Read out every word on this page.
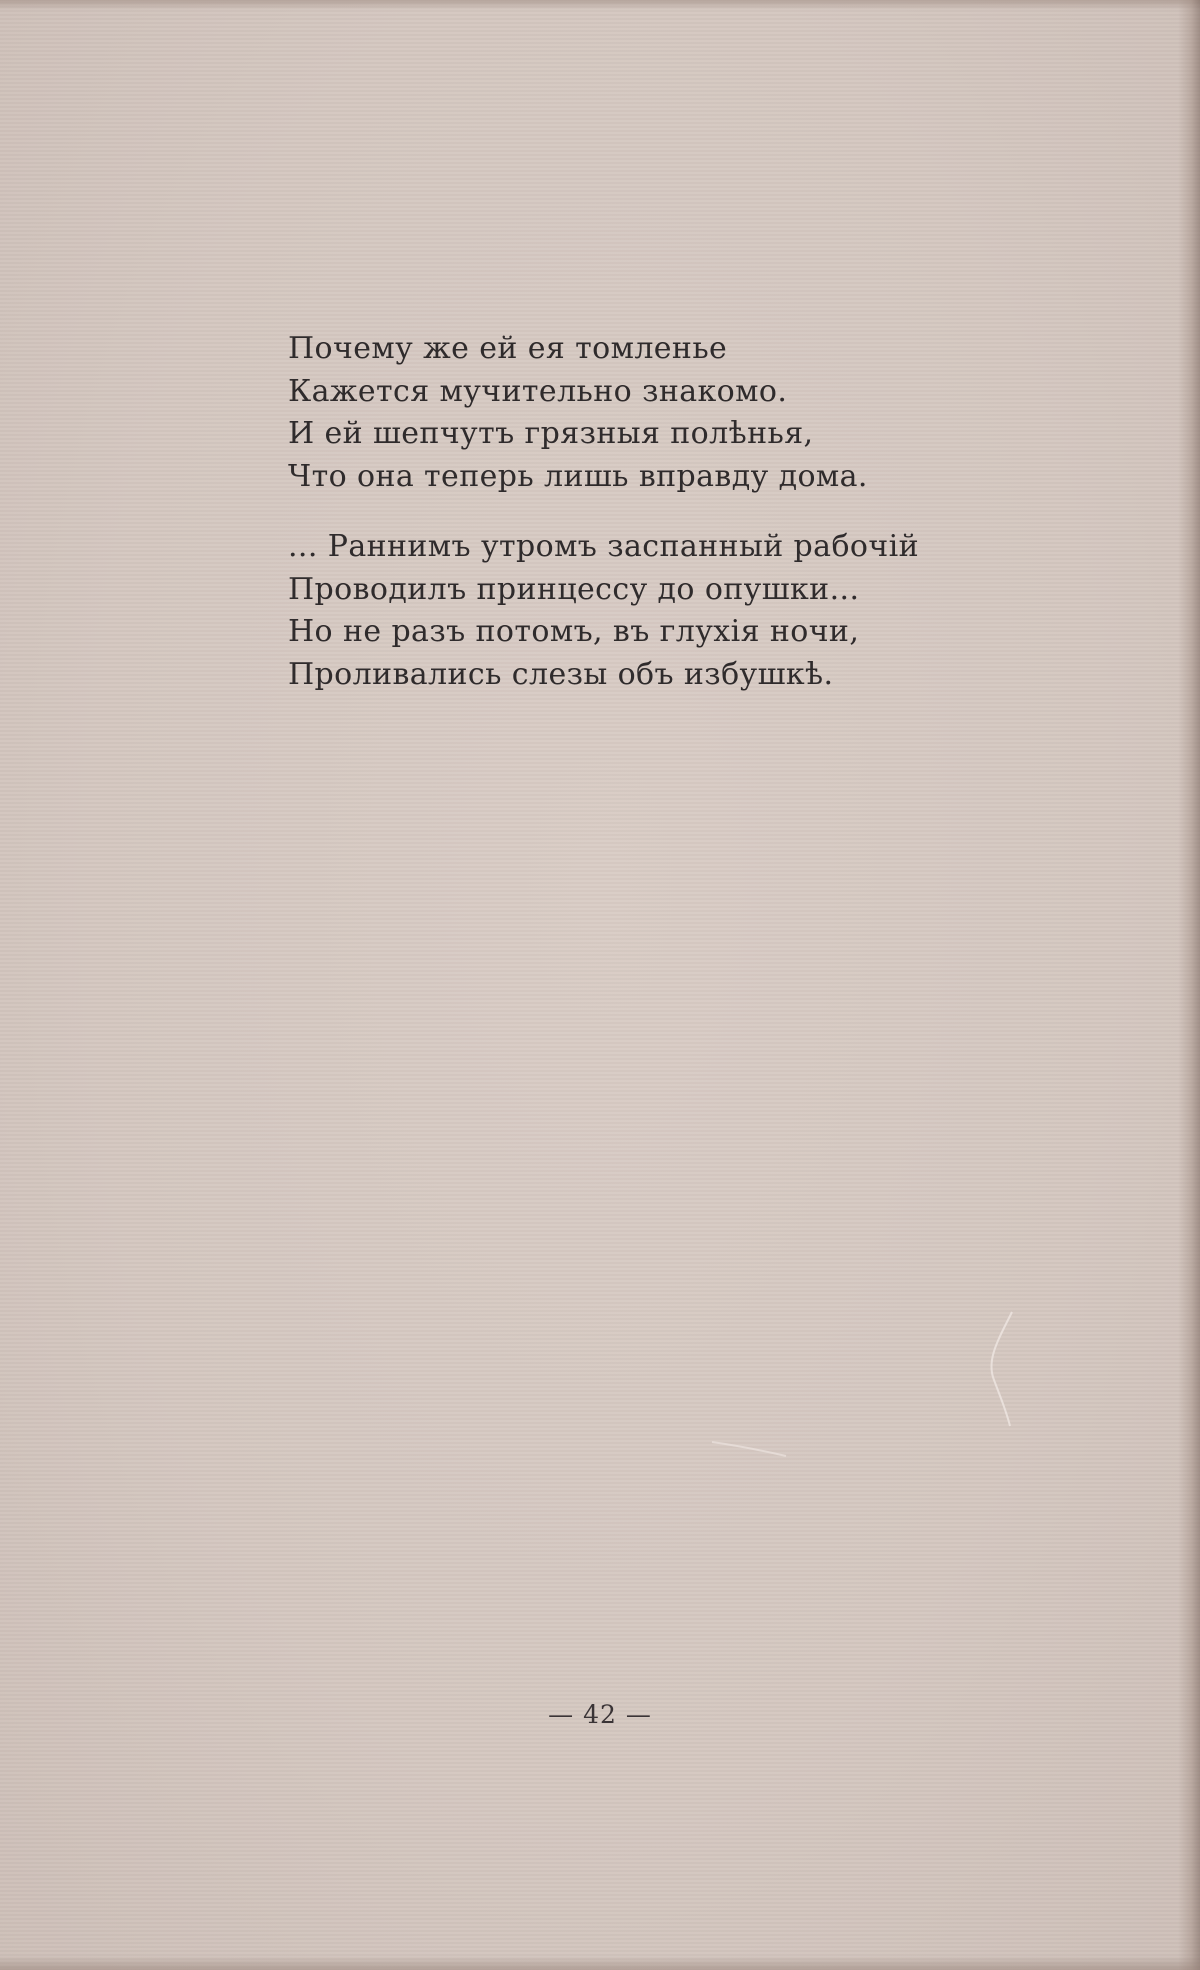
Почему же ей ея томленье
Кажется мучительно знакомо.
И ей шепчутъ грязныя полѣнья,
Что она теперь лишь вправду дома.

... Раннимъ утромъ заспанный рабочій
Проводилъ принцессу до опушки...
Но не разъ потомъ, въ глухія ночи,
Проливались слезы объ избушкѣ.

— 42 —
